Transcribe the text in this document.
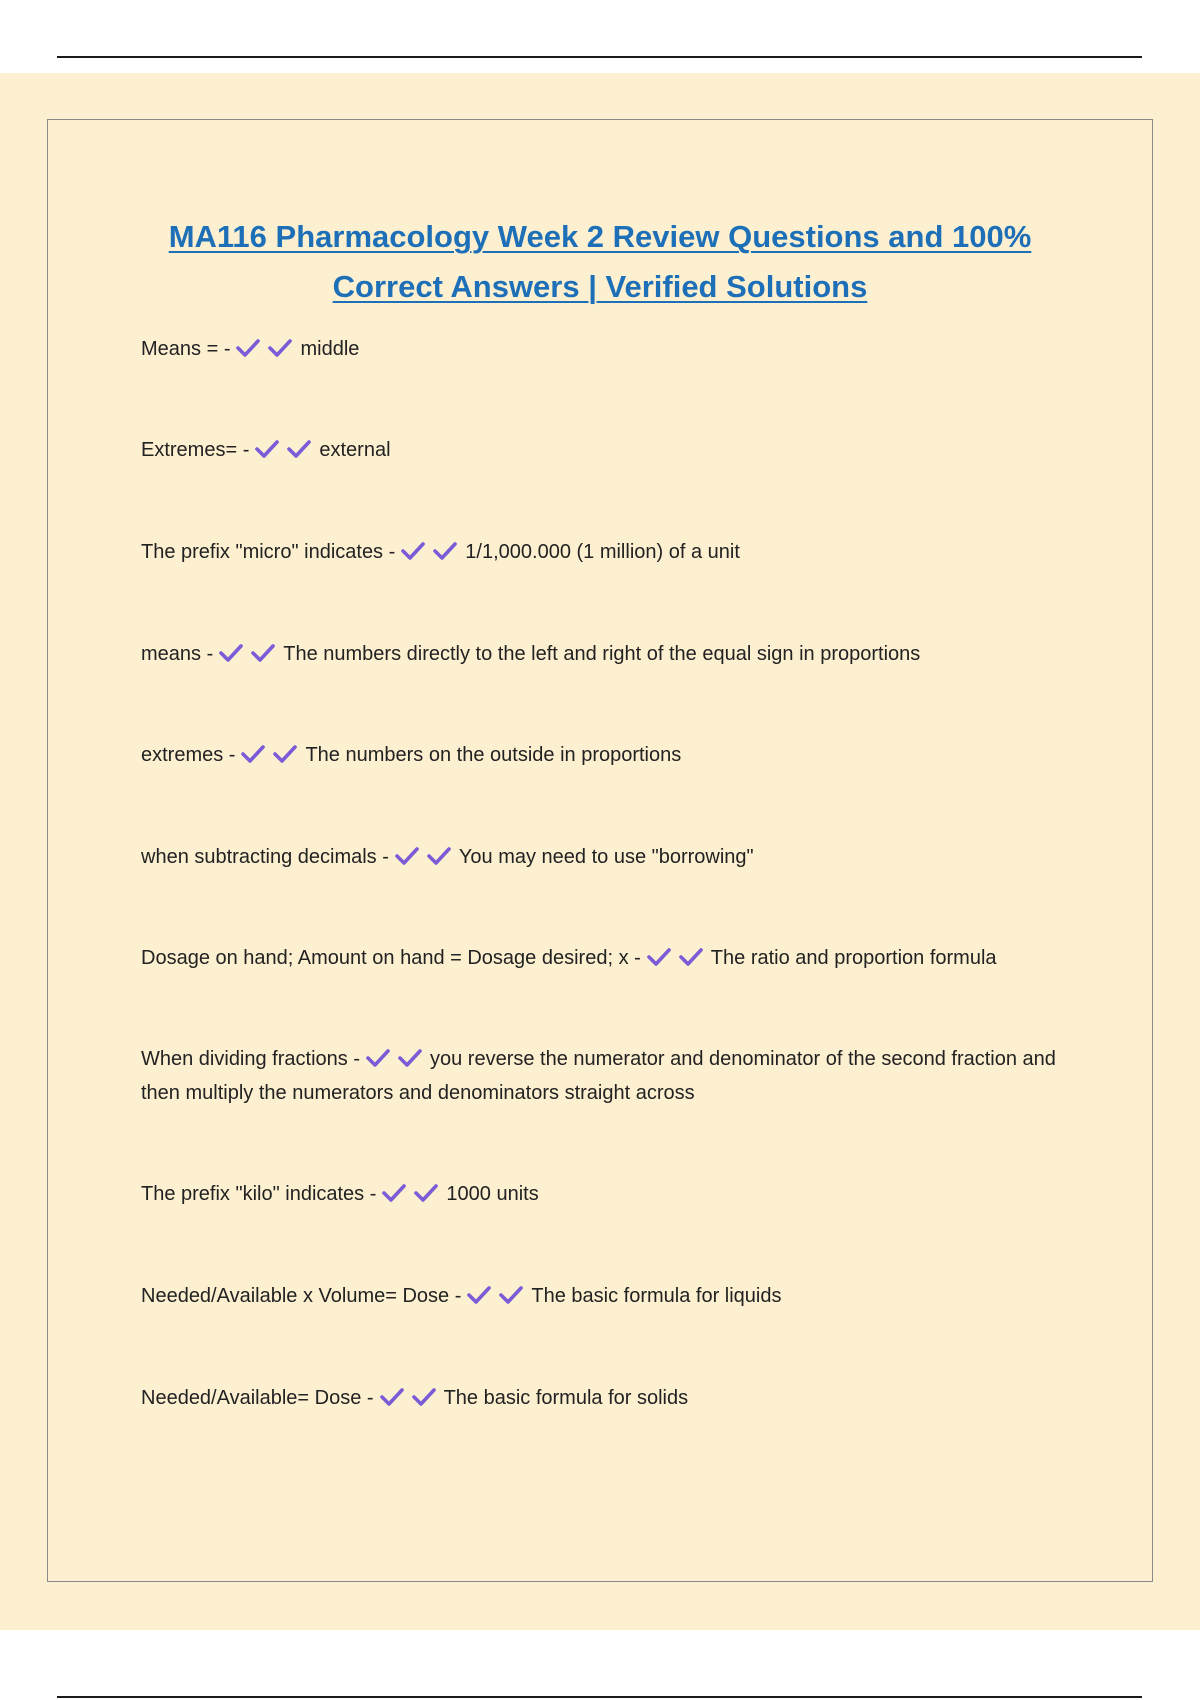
MA116 Pharmacology Week 2 Review Questions and 100%
Correct Answers | Verified Solutions
Means = -	middle
Extremes= -	external
The prefix "micro" indicates -	1/1,000.000 (1 million) of a unit
means -	The numbers directly to the left and right of the equal sign in proportions
extremes -	The numbers on the outside in proportions
when subtracting decimals -	You may need to use "borrowing"
Dosage on hand; Amount on hand = Dosage desired; x -	The ratio and proportion formula
When dividing fractions -	you reverse the numerator and denominator of the second fraction and then multiply the numerators and denominators straight across
The prefix "kilo" indicates -	1000 units
Needed/Available x Volume= Dose -	The basic formula for liquids
Needed/Available= Dose -	The basic formula for solids
